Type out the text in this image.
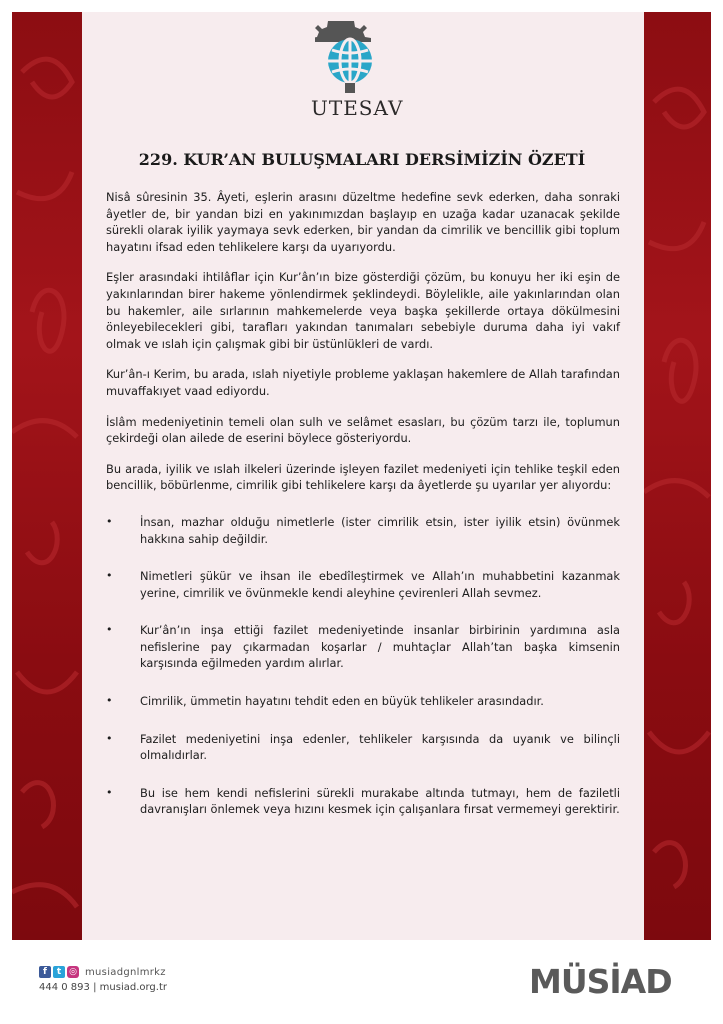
UTESAV
229. KUR’AN BULUŞMALARI DERSİMİZİN ÖZETİ

Nisâ sûresinin 35. Âyeti, eşlerin arasını düzeltme hedefine sevk ederken, daha sonraki âyetler de, bir yandan bizi en yakınımızdan başlayıp en uzağa kadar uzanacak şekilde sürekli olarak iyilik yaymaya sevk ederken, bir yandan da cimrilik ve bencillik gibi toplum hayatını ifsad eden tehlikelere karşı da uyarıyordu.

Eşler arasındaki ihtilâflar için Kur’ân’ın bize gösterdiği çözüm, bu konuyu her iki eşin de yakınlarından birer hakeme yönlendirmek şeklindeydi. Böylelikle, aile yakınlarından olan bu hakemler, aile sırlarının mahkemelerde veya başka şekillerde ortaya dökülmesini önleyebilecekleri gibi, tarafları yakından tanımaları sebebiyle duruma daha iyi vakıf olmak ve ıslah için çalışmak gibi bir üstünlükleri de vardı.

Kur’ân-ı Kerim, bu arada, ıslah niyetiyle probleme yaklaşan hakemlere de Allah tarafından muvaffakıyet vaad ediyordu.

İslâm medeniyetinin temeli olan sulh ve selâmet esasları, bu çözüm tarzı ile, toplumun çekirdeği olan ailede de eserini böylece gösteriyordu.

Bu arada, iyilik ve ıslah ilkeleri üzerinde işleyen fazilet medeniyeti için tehlike teşkil eden bencillik, böbürlenme, cimrilik gibi tehlikelere karşı da âyetlerde şu uyarılar yer alıyordu:

•	İnsan, mazhar olduğu nimetlerle (ister cimrilik etsin, ister iyilik etsin) övünmek hakkına sahip değildir.
•	Nimetleri şükür ve ihsan ile ebedîleştirmek ve Allah’ın muhabbetini kazanmak yerine, cimrilik ve övünmekle kendi aleyhine çevirenleri Allah sevmez.
•	Kur’ân’ın inşa ettiği fazilet medeniyetinde insanlar birbirinin yardımına asla nefislerine pay çıkarmadan koşarlar / muhtaçlar Allah’tan başka kimsenin karşısında eğilmeden yardım alırlar.
•	Cimrilik, ümmetin hayatını tehdit eden en büyük tehlikeler arasındadır.
•	Fazilet medeniyetini inşa edenler, tehlikeler karşısında da uyanık ve bilinçli olmalıdırlar.
•	Bu ise hem kendi nefislerini sürekli murakabe altında tutmayı, hem de faziletli davranışları önlemek veya hızını kesmek için çalışanlara fırsat vermemeyi gerektirir.
f	t ◎ musiadgnlmrkz
444 0 893 | musiad.org.tr	MÜSİAD
